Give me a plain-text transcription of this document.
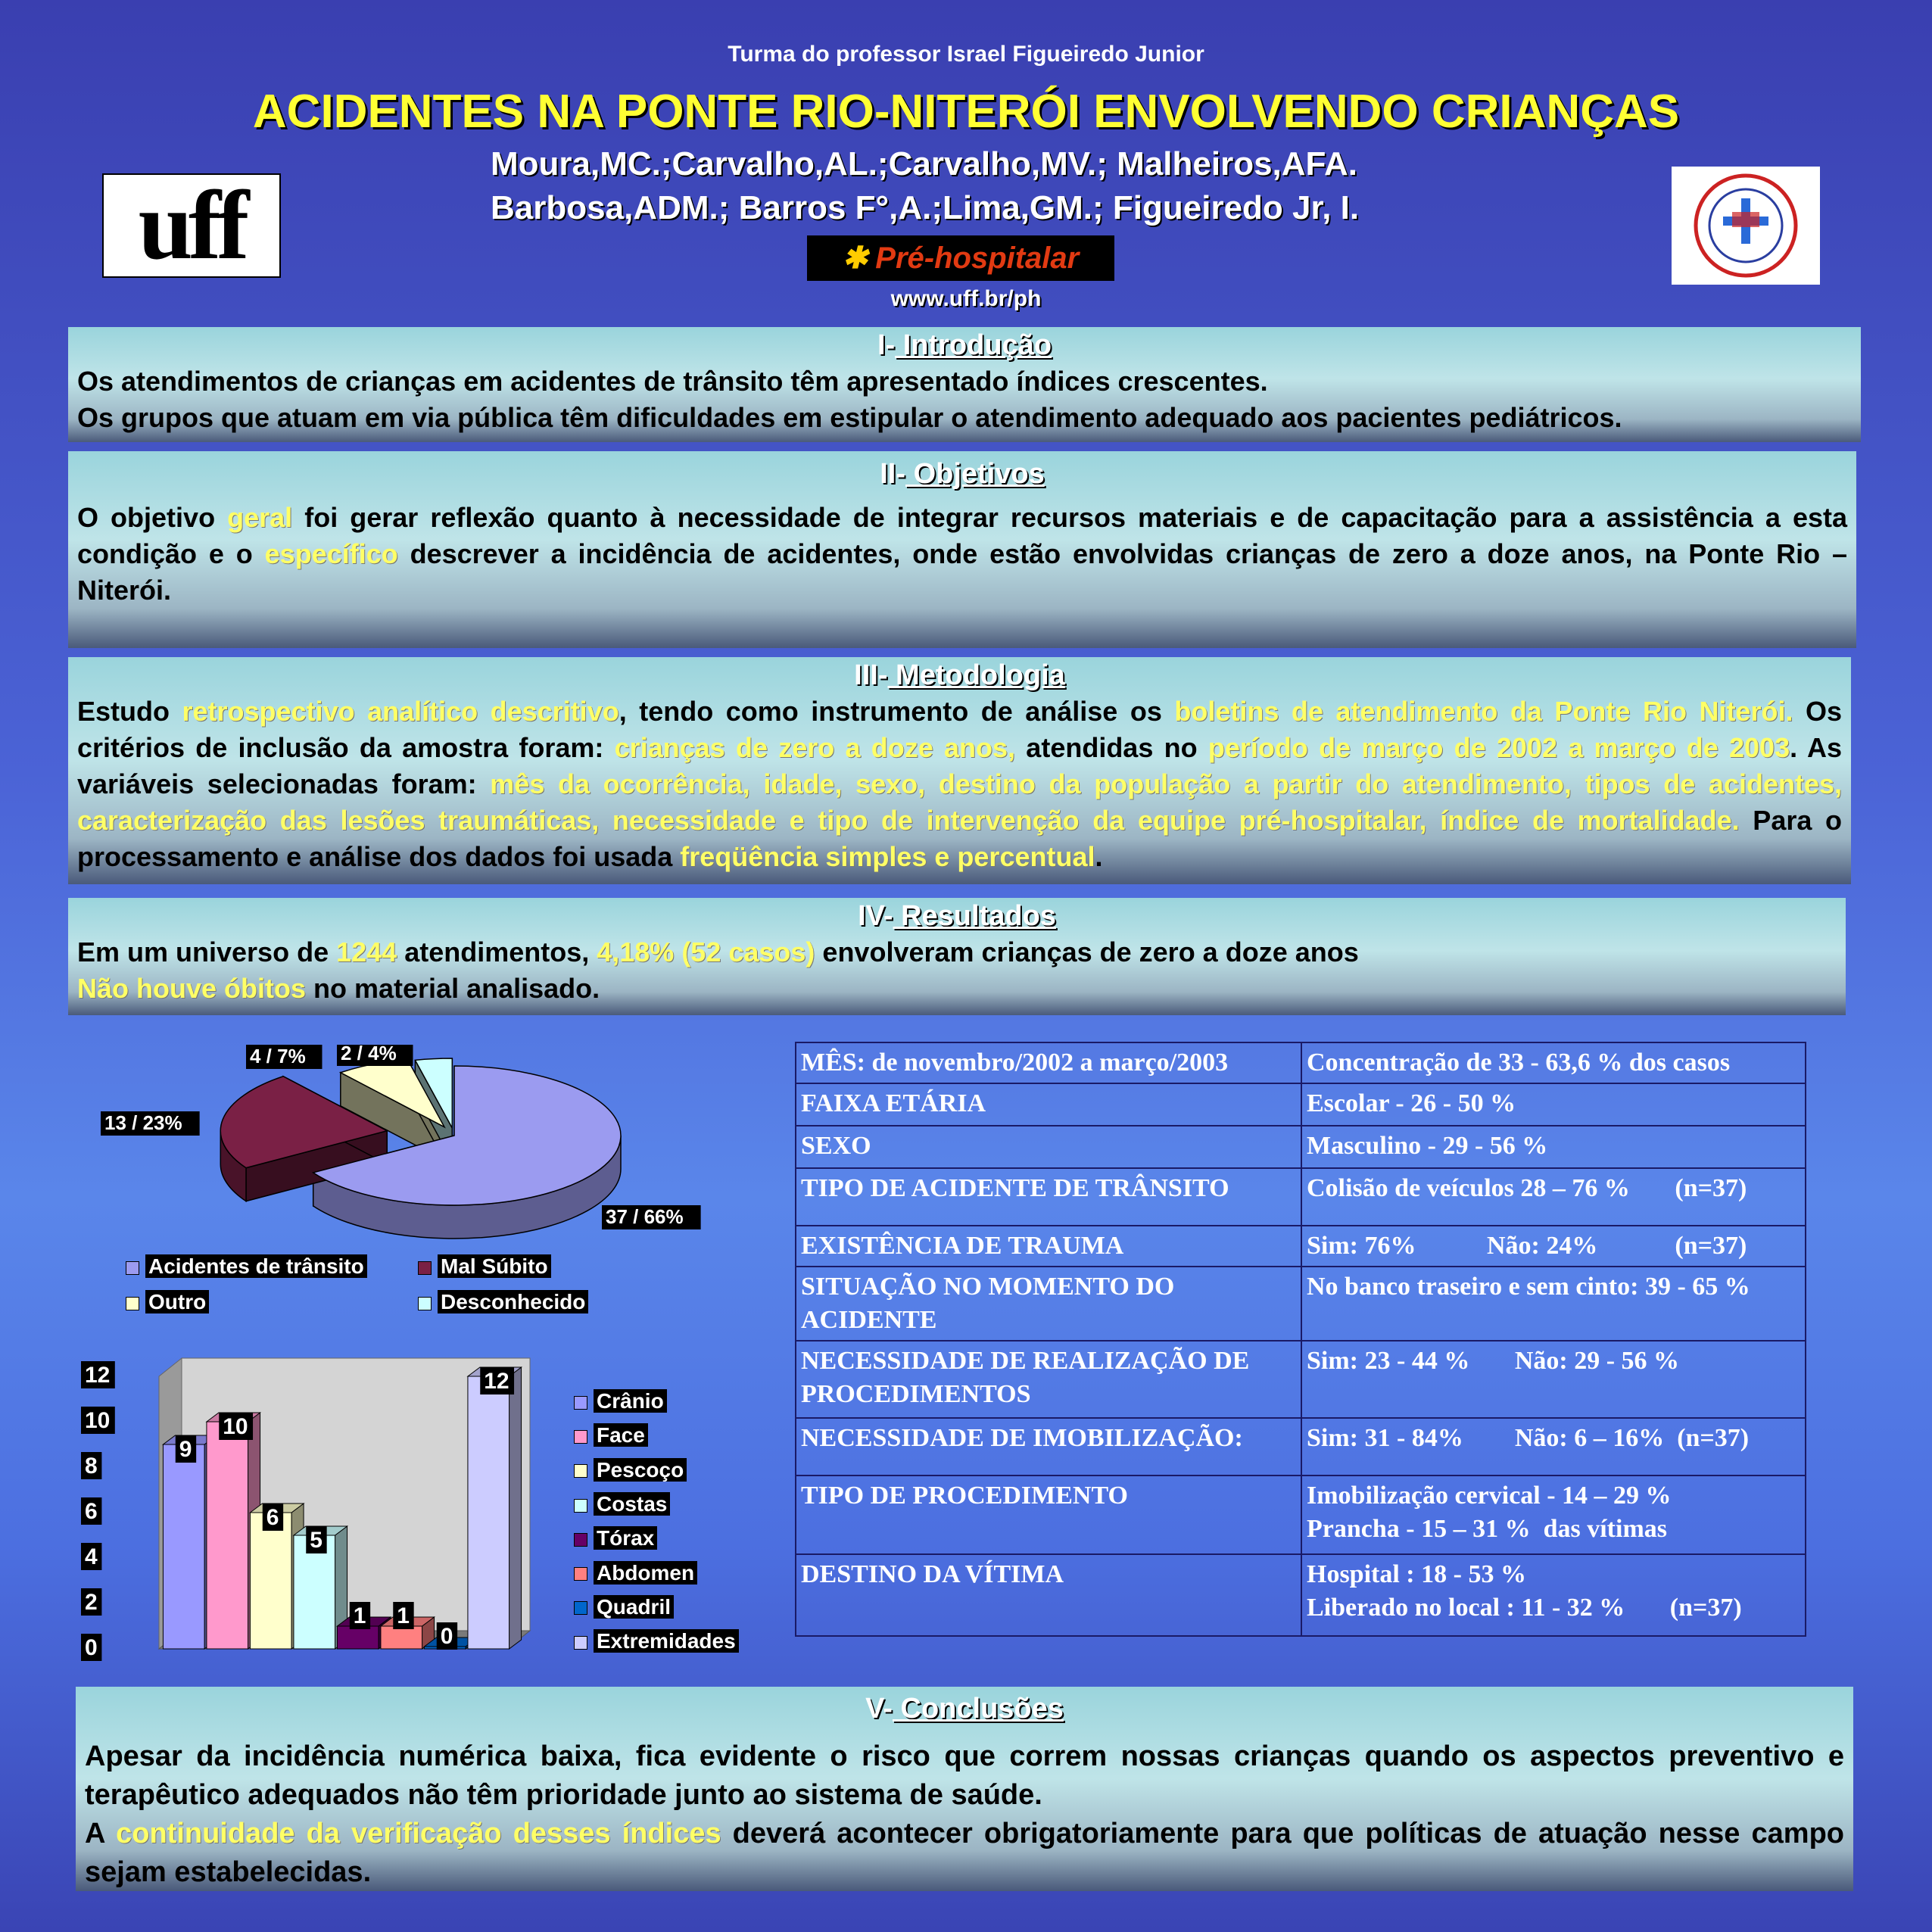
Turma do professor Israel Figueiredo Junior
ACIDENTES NA PONTE RIO-NITERÓI ENVOLVENDO CRIANÇAS
Moura,MC.;Carvalho,AL.;Carvalho,MV.; Malheiros,AFA.
Barbosa,ADM.; Barros F°,A.;Lima,GM.; Figueiredo Jr, I.
uff	✱ Pré-hospitalar
www.uff.br/ph
I- Introdução
Os atendimentos de crianças em acidentes de trânsito têm apresentado índices crescentes.
Os grupos que atuam em via pública têm dificuldades em estipular o atendimento adequado aos pacientes pediátricos.
II- Objetivos
O objetivo geral foi gerar reflexão quanto à necessidade de integrar recursos materiais e de capacitação para a assistência a esta condição e o específico descrever a incidência de acidentes, onde estão envolvidas crianças de zero a doze anos, na Ponte Rio – Niterói.
III- Metodologia
Estudo retrospectivo analítico descritivo, tendo como instrumento de análise os boletins de atendimento da Ponte Rio Niterói. Os critérios de inclusão da amostra foram: crianças de zero a doze anos, atendidas no período de março de 2002 a março de 2003. As variáveis selecionadas foram: mês da ocorrência, idade, sexo, destino da população a partir do atendimento, tipos de acidentes, caracterização das lesões traumáticas, necessidade e tipo de intervenção da equipe pré-hospitalar, índice de mortalidade. Para o processamento e análise dos dados foi usada freqüência simples e percentual.
IV- Resultados
Em um universo de 1244 atendimentos, 4,18% (52 casos) envolveram crianças de zero a doze anos
Não houve óbitos no material analisado.
37 / 66%
13 / 23%
4 / 7% 2 / 4%
Acidentes de trânsito	Mal Súbito
Outro	Desconhecido
0
2
4
6
8
10
12
9
10
6
5
1 1
0
12
Crânio
Face
Pescoço
Costas
Tórax
Abdomen
Quadril
Extremidades
MÊS: de novembro/2002 a março/2003	Concentração de 33 - 63,6 % dos casos
FAIXA ETÁRIA	Escolar - 26 - 50 %
SEXO	Masculino - 29 - 56 %
TIPO DE ACIDENTE DE TRÂNSITO	Colisão de veículos 28 – 76 %       (n=37)
EXISTÊNCIA DE TRAUMA	Sim: 76%           Não: 24%            (n=37)
SITUAÇÃO NO MOMENTO DO ACIDENTE	No banco traseiro e sem cinto: 39 - 65 %
NECESSIDADE DE REALIZAÇÃO DE PROCEDIMENTOS	Sim: 23 - 44 %       Não: 29 - 56 %
NECESSIDADE DE IMOBILIZAÇÃO:	Sim: 31 - 84%        Não: 6 – 16%  (n=37)
TIPO DE PROCEDIMENTO	Imobilização cervical - 14 – 29 %
Prancha - 15 – 31 %  das vítimas
DESTINO DA VÍTIMA	Hospital : 18 - 53 %
Liberado no local : 11 - 32 %       (n=37)
V- Conclusões
Apesar da incidência numérica baixa, fica evidente o risco que correm nossas crianças quando os aspectos preventivo e terapêutico adequados não têm prioridade junto ao sistema de saúde.
A continuidade da verificação desses índices deverá acontecer obrigatoriamente para que políticas de atuação nesse campo sejam estabelecidas.
